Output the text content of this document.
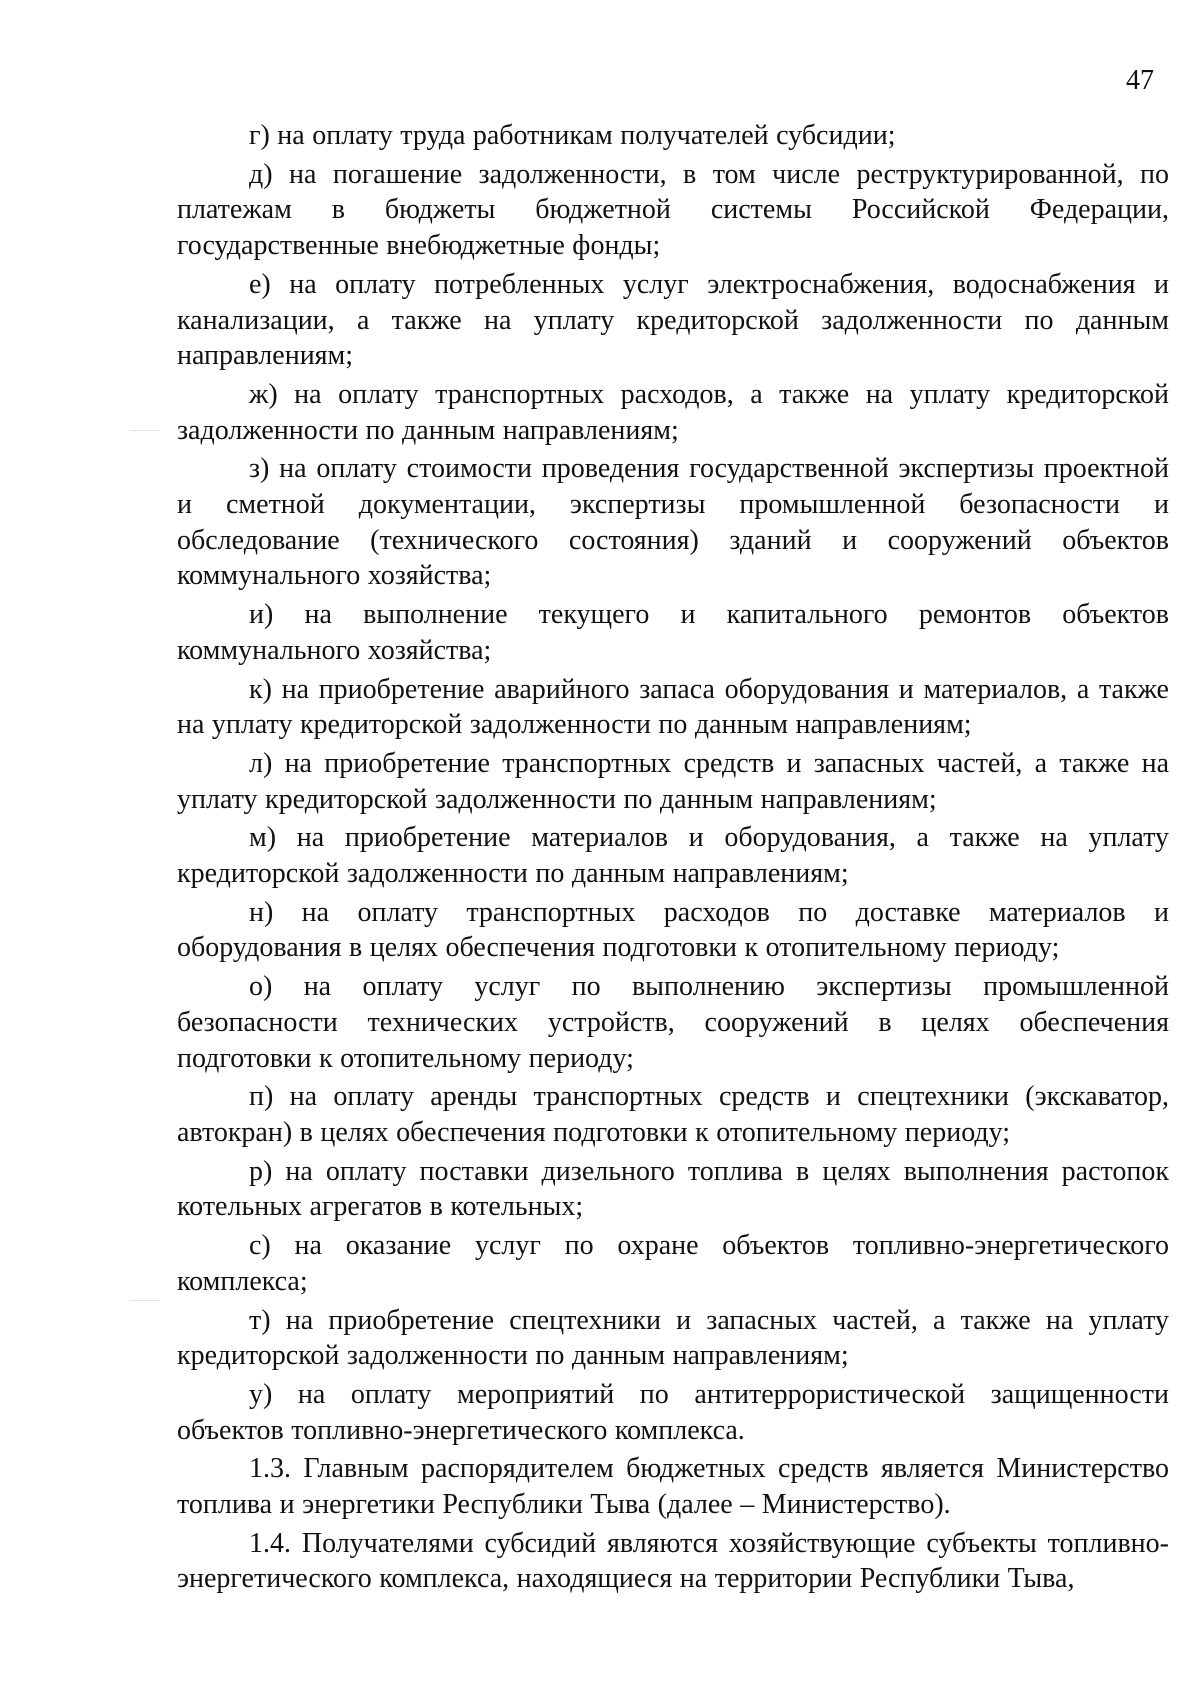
47

г) на оплату труда работникам получателей субсидии;

д) на погашение задолженности, в том числе реструктурированной, по платежам в бюджеты бюджетной системы Российской Федерации, государственные внебюджетные фонды;

е) на оплату потребленных услуг электроснабжения, водоснабжения и канализации, а также на уплату кредиторской задолженности по данным направлениям;

ж) на оплату транспортных расходов, а также на уплату кредиторской задолженности по данным направлениям;

з) на оплату стоимости проведения государственной экспертизы проектной и сметной документации, экспертизы промышленной безопасности и обследование (технического состояния) зданий и сооружений объектов коммунального хозяйства;

и) на выполнение текущего и капитального ремонтов объектов коммунального хозяйства;

к) на приобретение аварийного запаса оборудования и материалов, а также на уплату кредиторской задолженности по данным направлениям;

л) на приобретение транспортных средств и запасных частей, а также на уплату кредиторской задолженности по данным направлениям;

м) на приобретение материалов и оборудования, а также на уплату кредиторской задолженности по данным направлениям;

н) на оплату транспортных расходов по доставке материалов и оборудования в целях обеспечения подготовки к отопительному периоду;

о) на оплату услуг по выполнению экспертизы промышленной безопасности технических устройств, сооружений в целях обеспечения подготовки к отопительному периоду;

п) на оплату аренды транспортных средств и спецтехники (экскаватор, автокран) в целях обеспечения подготовки к отопительному периоду;

р) на оплату поставки дизельного топлива в целях выполнения растопок котельных агрегатов в котельных;

с) на оказание услуг по охране объектов топливно-энергетического комплекса;

т) на приобретение спецтехники и запасных частей, а также на уплату кредиторской задолженности по данным направлениям;

у) на оплату мероприятий по антитеррористической защищенности объектов топливно-энергетического комплекса.

1.3. Главным распорядителем бюджетных средств является Министерство топлива и энергетики Республики Тыва (далее – Министерство).

1.4. Получателями субсидий являются хозяйствующие субъекты топливно-энергетического комплекса, находящиеся на территории Республики Тыва,
